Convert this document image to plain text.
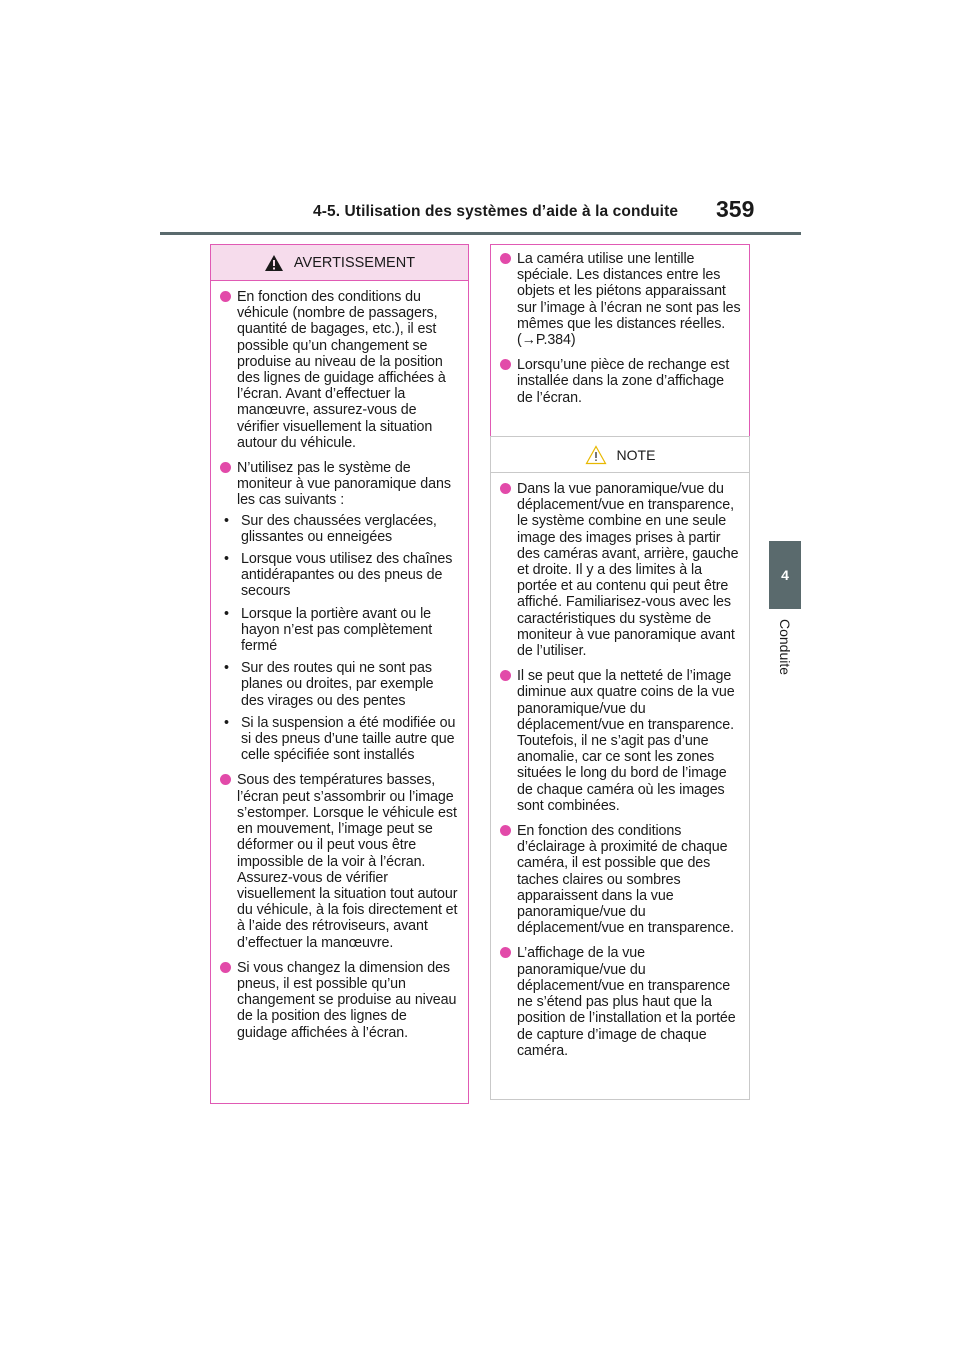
4-5. Utilisation des systèmes d’aide à la conduite 359
4
Conduite
AVERTISSEMENT
En fonction des conditions du véhicule (nombre de passagers, quantité de bagages, etc.), il est possible qu’un changement se produise au niveau de la position des lignes de guidage affichées à l’écran. Avant d’effectuer la manœuvre, assurez-vous de vérifier visuellement la situation autour du véhicule.
N’utilisez pas le système de moniteur à vue panoramique dans les cas suivants :
• Sur des chaussées verglacées, glissantes ou enneigées
• Lorsque vous utilisez des chaînes antidérapantes ou des pneus de secours
• Lorsque la portière avant ou le hayon n’est pas complètement fermé
• Sur des routes qui ne sont pas planes ou droites, par exemple des virages ou des pentes
• Si la suspension a été modifiée ou si des pneus d’une taille autre que celle spécifiée sont installés
Sous des températures basses, l’écran peut s’assombrir ou l’image s’estomper. Lorsque le véhicule est en mouvement, l’image peut se déformer ou il peut vous être impossible de la voir à l’écran. Assurez-vous de vérifier visuellement la situation tout autour du véhicule, à la fois directement et à l’aide des rétroviseurs, avant d’effectuer la manœuvre.
Si vous changez la dimension des pneus, il est possible qu’un changement se produise au niveau de la position des lignes de guidage affichées à l’écran.
La caméra utilise une lentille spéciale. Les distances entre les objets et les piétons apparaissant sur l’image à l’écran ne sont pas les mêmes que les distances réelles. (→P.384)
Lorsqu’une pièce de rechange est installée dans la zone d’affichage de l’écran.
NOTE
Dans la vue panoramique/vue du déplacement/vue en transparence, le système combine en une seule image des images prises à partir des caméras avant, arrière, gauche et droite. Il y a des limites à la portée et au contenu qui peut être affiché. Familiarisez-vous avec les caractéristiques du système de moniteur à vue panoramique avant de l’utiliser.
Il se peut que la netteté de l’image diminue aux quatre coins de la vue panoramique/vue du déplacement/vue en transparence. Toutefois, il ne s’agit pas d’une anomalie, car ce sont les zones situées le long du bord de l’image de chaque caméra où les images sont combinées.
En fonction des conditions d’éclairage à proximité de chaque caméra, il est possible que des taches claires ou sombres apparaissent dans la vue panoramique/vue du déplacement/vue en transparence.
L’affichage de la vue panoramique/vue du déplacement/vue en transparence ne s’étend pas plus haut que la position de l’installation et la portée de capture d’image de chaque caméra.
